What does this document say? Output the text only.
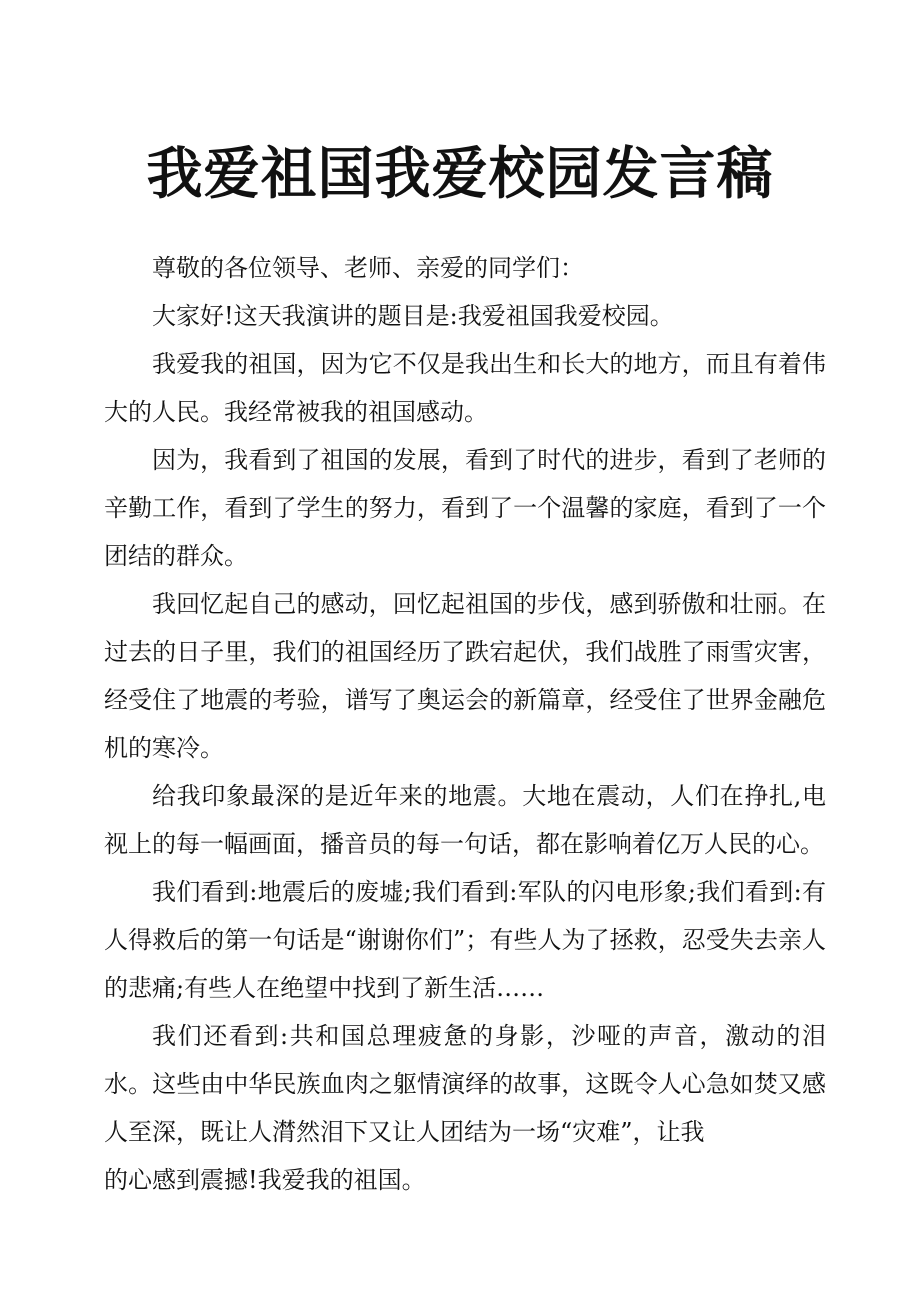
我爱祖国我爱校园发言稿

尊敬的各位领导、老师、亲爱的同学们：

大家好!这天我演讲的题目是:我爱祖国我爱校园。

我爱我的祖国，因为它不仅是我出生和长大的地方，而且有着伟大的人民。我经常被我的祖国感动。

因为，我看到了祖国的发展，看到了时代的进步，看到了老师的辛勤工作，看到了学生的努力，看到了一个温馨的家庭，看到了一个团结的群众。

我回忆起自己的感动，回忆起祖国的步伐，感到骄傲和壮丽。在过去的日子里，我们的祖国经历了跌宕起伏，我们战胜了雨雪灾害，经受住了地震的考验，谱写了奥运会的新篇章，经受住了世界金融危机的寒冷。

给我印象最深的是近年来的地震。大地在震动，人们在挣扎,电视上的每一幅画面，播音员的每一句话，都在影响着亿万人民的心。

我们看到:地震后的废墟;我们看到:军队的闪电形象;我们看到:有人得救后的第一句话是“谢谢你们”；有些人为了拯救，忍受失去亲人的悲痛;有些人在绝望中找到了新生活……

我们还看到:共和国总理疲惫的身影，沙哑的声音，激动的泪水。这些由中华民族血肉之躯情演绎的故事，这既令人心急如焚又感人至深，既让人潸然泪下又让人团结为一场“灾难”，让我

的心感到震撼!我爱我的祖国。
